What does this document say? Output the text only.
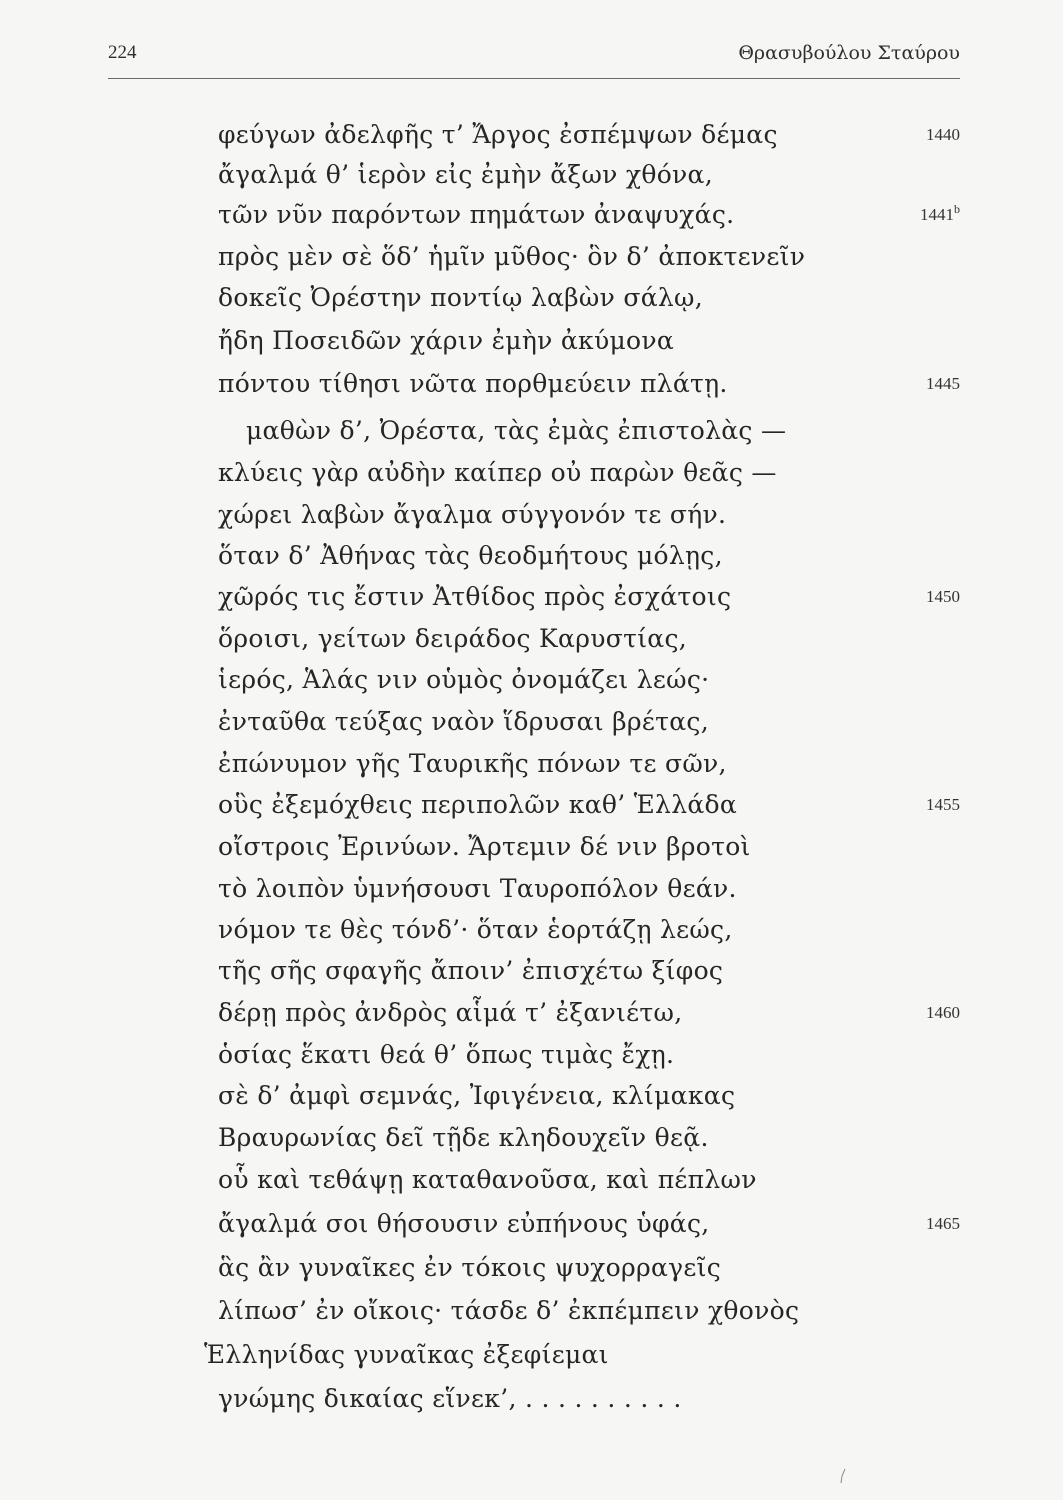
224	Θρασυβούλου Σταύρου
φεύγων ἀδελφῆς τ’ Ἄργος ἐσπέμψων δέμας	1440
ἄγαλμά θ’ ἱερὸν εἰς ἐμὴν ἄξων χθόνα,
τῶν νῦν παρόντων πημάτων ἀναψυχάς.	1441$^b$
πρὸς μὲν σὲ ὅδ’ ἡμῖν μῦθος· ὃν δ’ ἀποκτενεῖν
δοκεῖς Ὀρέστην ποντίῳ λαβὼν σάλῳ,
ἤδη Ποσειδῶν χάριν ἐμὴν ἀκύμονα
πόντου τίθησι νῶτα πορθμεύειν πλάτῃ.	1445
μαθὼν δ’, Ὀρέστα, τὰς ἐμὰς ἐπιστολὰς —
κλύεις γὰρ αὐδὴν καίπερ οὐ παρὼν θεᾶς —
χώρει λαβὼν ἄγαλμα σύγγονόν τε σήν.
ὅταν δ’ Ἀθήνας τὰς θεοδμήτους μόλῃς,
χῶρός τις ἔστιν Ἀτθίδος πρὸς ἐσχάτοις	1450
ὅροισι, γείτων δειράδος Καρυστίας,
ἱερός, Ἁλάς νιν οὑμὸς ὀνομάζει λεώς·
ἐνταῦθα τεύξας ναὸν ἵδρυσαι βρέτας,
ἐπώνυμον γῆς Ταυρικῆς πόνων τε σῶν,
οὓς ἐξεμόχθεις περιπολῶν καθ’ Ἑλλάδα	1455
οἴστροις Ἐρινύων. Ἄρτεμιν δέ νιν βροτοὶ
τὸ λοιπὸν ὑμνήσουσι Ταυροπόλον θεάν.
νόμον τε θὲς τόνδ’· ὅταν ἑορτάζῃ λεώς,
τῆς σῆς σφαγῆς ἄποιν’ ἐπισχέτω ξίφος
δέρῃ πρὸς ἀνδρὸς αἷμά τ’ ἐξανιέτω,	1460
ὁσίας ἕκατι θεά θ’ ὅπως τιμὰς ἔχῃ.
σὲ δ’ ἀμφὶ σεμνάς, Ἰφιγένεια, κλίμακας
Βραυρωνίας δεῖ τῇδε κληδουχεῖν θεᾷ.
οὗ καὶ τεθάψῃ καταθανοῦσα, καὶ πέπλων
ἄγαλμά σοι θήσουσιν εὐπήνους ὑφάς,	1465
ἃς ἂν γυναῖκες ἐν τόκοις ψυχορραγεῖς
λίπωσ’ ἐν οἴκοις· τάσδε δ’ ἐκπέμπειν χθονὸς
Ἑλληνίδας γυναῖκας ἐξεφίεμαι
γνώμης δικαίας εἵνεκ’, . . . . . . . . . .
